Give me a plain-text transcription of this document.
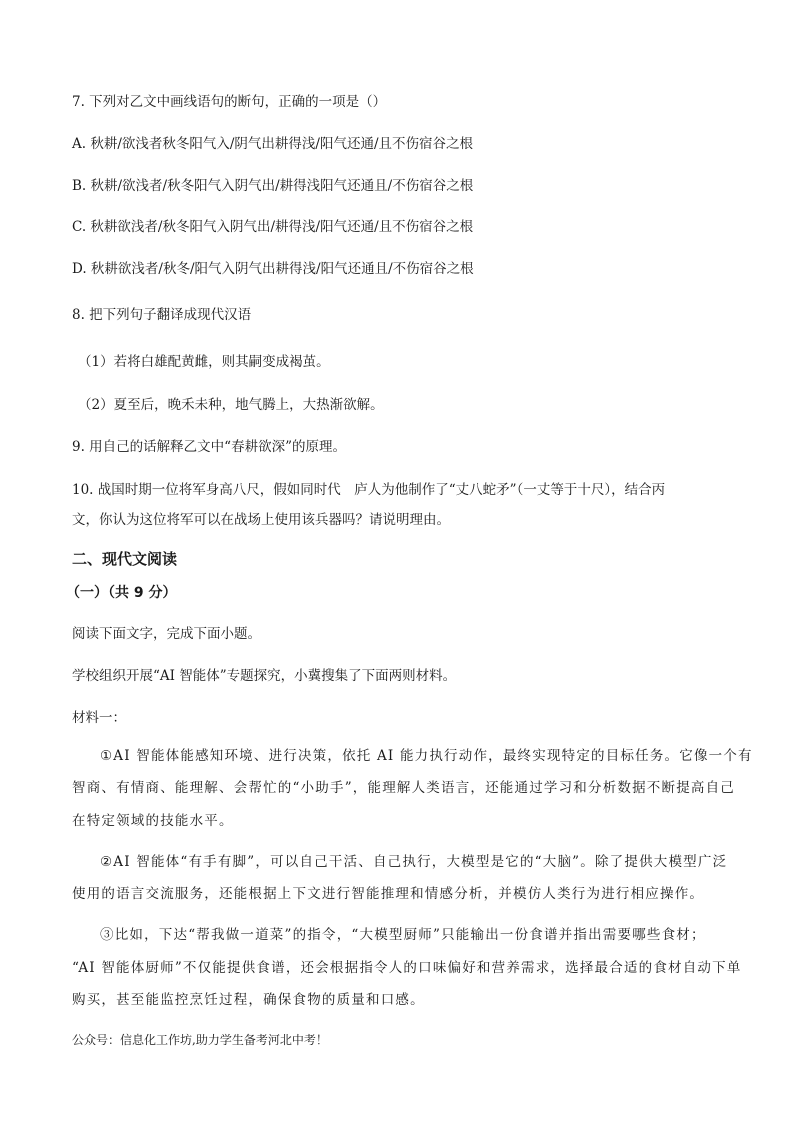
7. 下列对乙文中画线语句的断句，正确的一项是（）
A. 秋耕/欲浅者秋冬阳气入/阴气出耕得浅/阳气还通/且不伤宿谷之根
B. 秋耕/欲浅者/秋冬阳气入阴气出/耕得浅阳气还通且/不伤宿谷之根
C. 秋耕欲浅者/秋冬阳气入阴气出/耕得浅/阳气还通/且不伤宿谷之根
D. 秋耕欲浅者/秋冬/阳气入阴气出耕得浅/阳气还通且/不伤宿谷之根
8. 把下列句子翻译成现代汉语
（1）若将白雄配黄雌，则其嗣变成褐茧。
（2）夏至后，晚禾未种，地气腾上，大热渐欲解。
9. 用自己的话解释乙文中“春耕欲深”的原理。
10. 战国时期一位将军身高八尺，假如同时代　庐人为他制作了“丈八蛇矛”（一丈等于十尺），结合丙
文，你认为这位将军可以在战场上使用该兵器吗？请说明理由。
二、现代文阅读
（一）（共 9 分）
阅读下面文字，完成下面小题。
学校组织开展“AI 智能体”专题探究，小冀搜集了下面两则材料。
材料一：
①AI 智能体能感知环境、进行决策，依托 AI 能力执行动作，最终实现特定的目标任务。它像一个有
智商、有情商、能理解、会帮忙的“小助手”，能理解人类语言，还能通过学习和分析数据不断提高自己
在特定领域的技能水平。
②AI 智能体“有手有脚”，可以自己干活、自己执行，大模型是它的“大脑”。除了提供大模型广泛
使用的语言交流服务，还能根据上下文进行智能推理和情感分析，并模仿人类行为进行相应操作。
③比如，下达“帮我做一道菜”的指令，“大模型厨师”只能输出一份食谱并指出需要哪些食材；
“AI 智能体厨师”不仅能提供食谱，还会根据指令人的口味偏好和营养需求，选择最合适的食材自动下单
购买，甚至能监控烹饪过程，确保食物的质量和口感。
公众号：信息化工作坊,助力学生备考河北中考！
